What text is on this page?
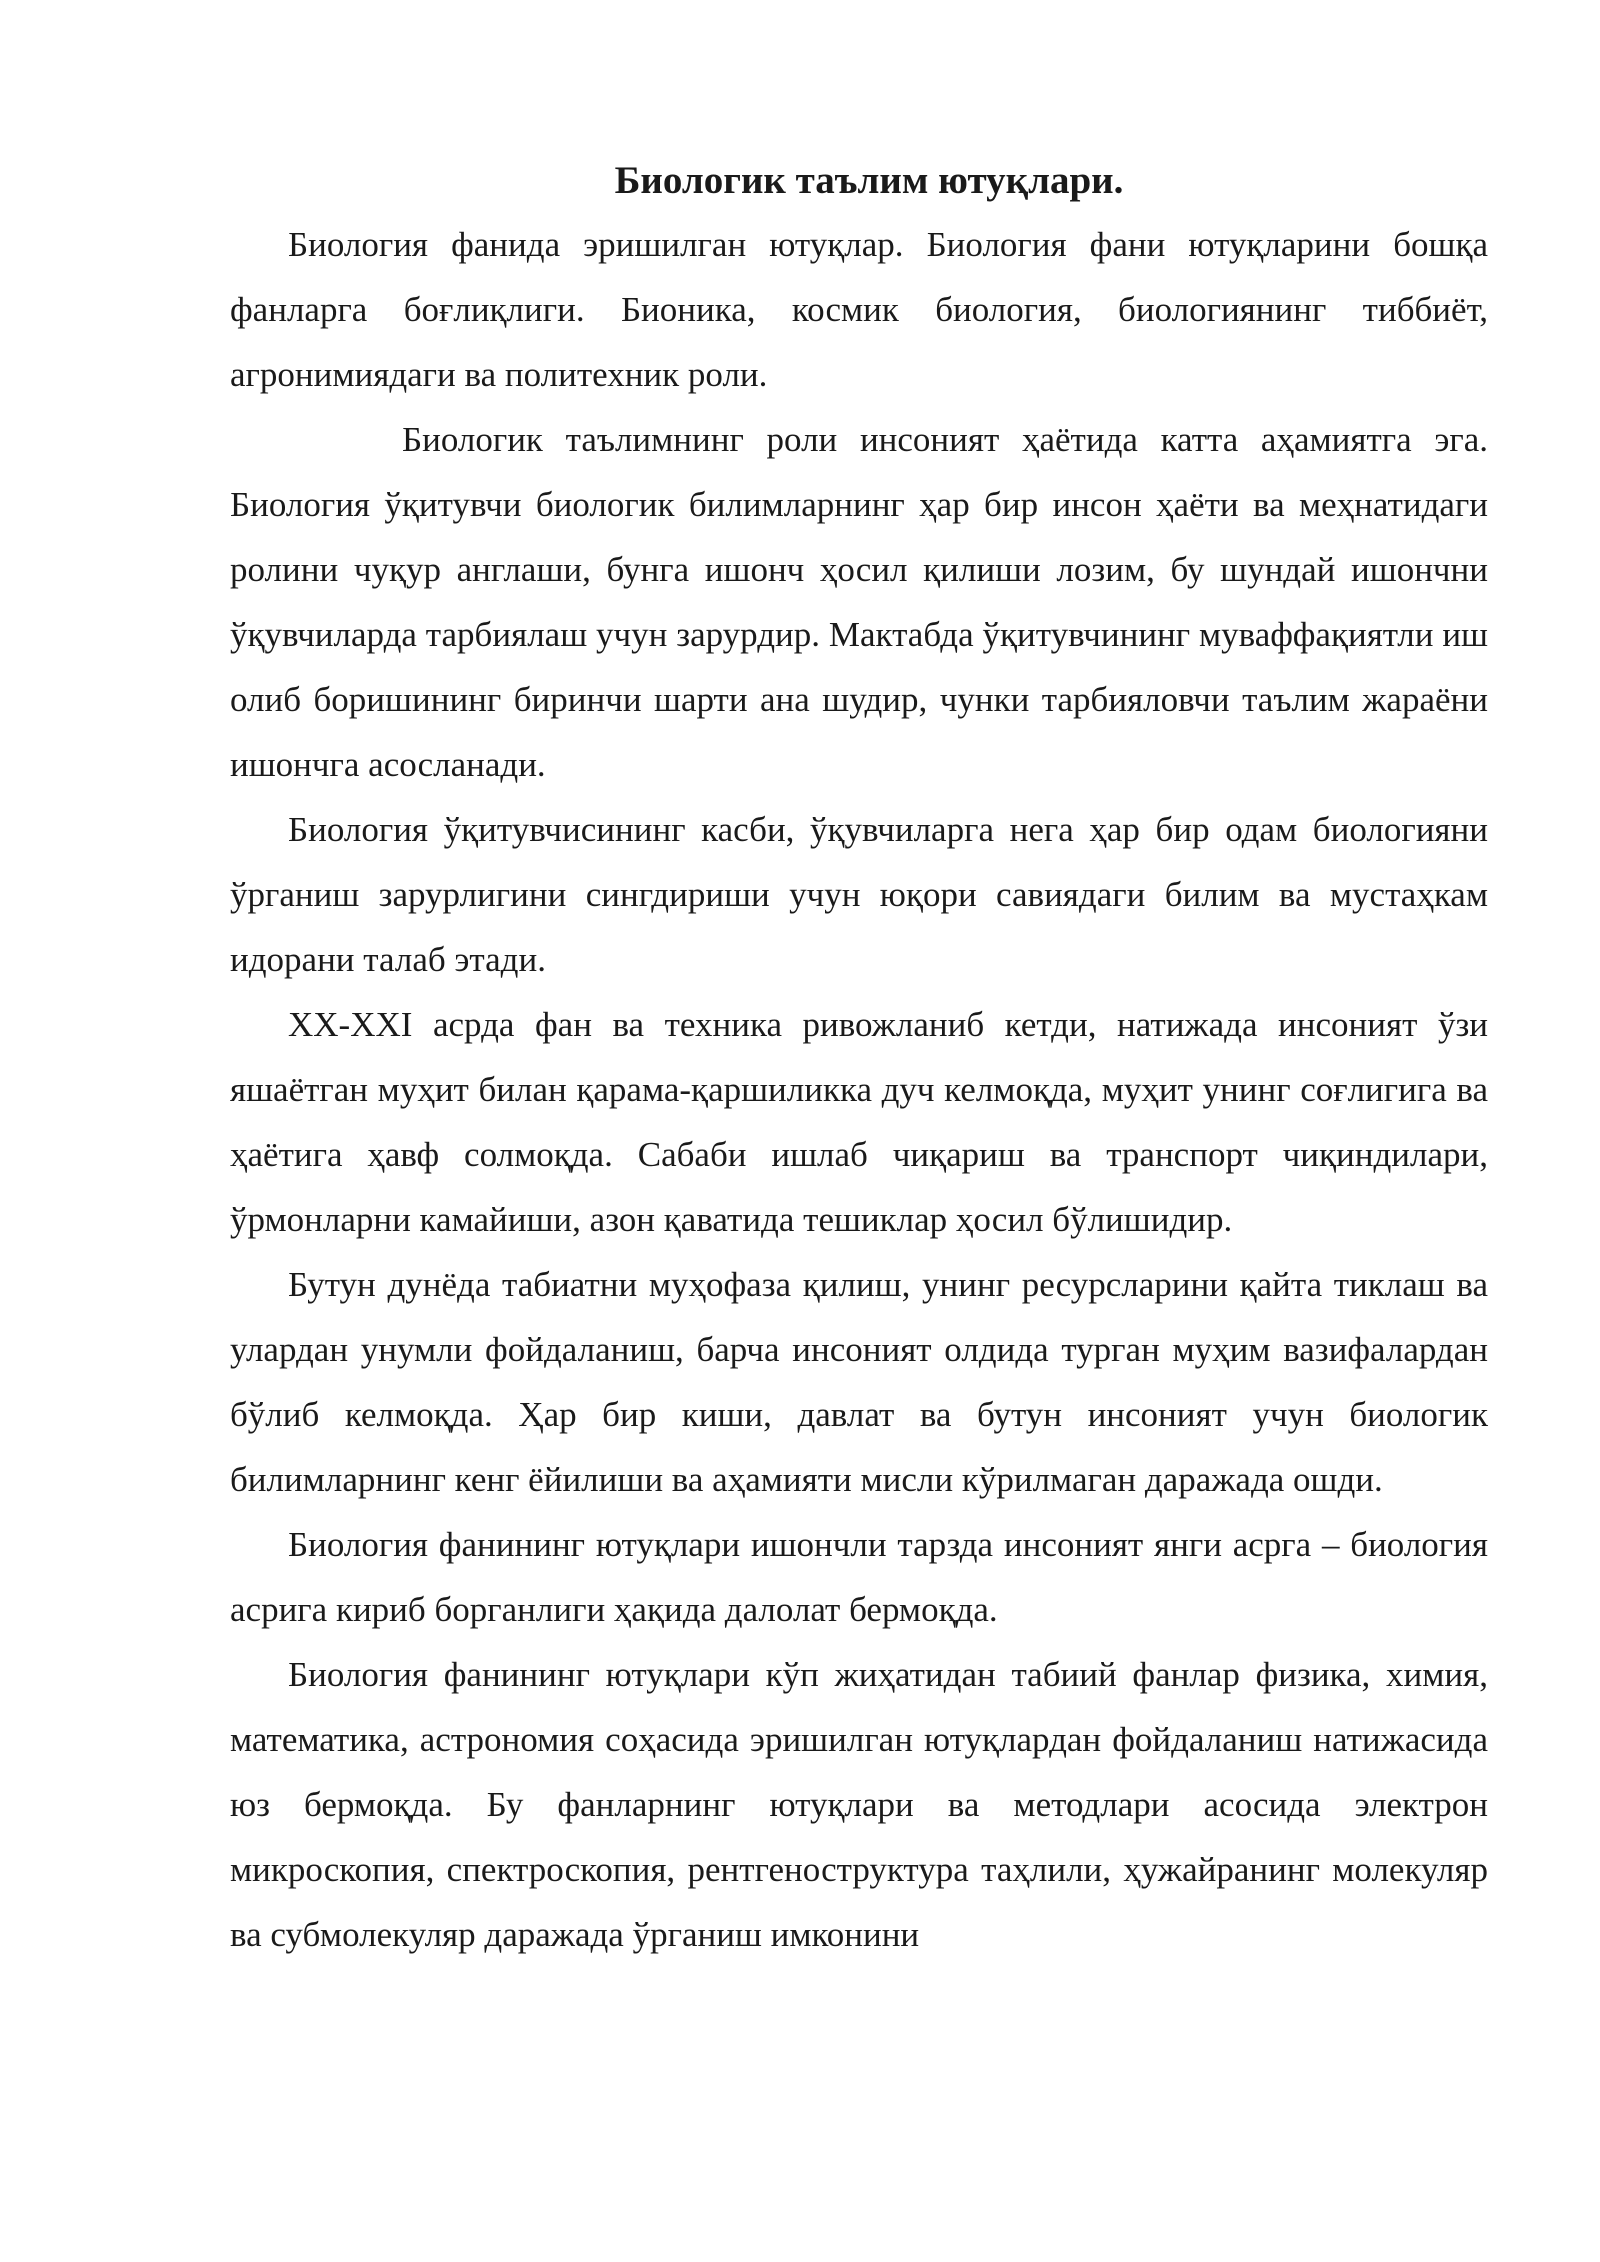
Биологик таълим ютуқлари.

Биология фанида эришилган ютуқлар. Биология фани ютуқларини бошқа фанларга боғлиқлиги. Бионика, космик биология, биологиянинг тиббиёт, агронимиядаги ва политехник роли.

Биологик таълимнинг роли инсоният ҳаётида катта аҳамиятга эга. Биология ўқитувчи биологик билимларнинг ҳар бир инсон ҳаёти ва меҳнатидаги ролини чуқур англаши, бунга ишонч ҳосил қилиши лозим, бу шундай ишончни ўқувчиларда тарбиялаш учун зарурдир. Мактабда ўқитувчининг муваффақиятли иш олиб боришининг биринчи шарти ана шудир, чунки тарбияловчи таълим жараёни ишончга асосланади.

Биология ўқитувчисининг касби, ўқувчиларга нега ҳар бир одам биологияни ўрганиш зарурлигини сингдириши учун юқори савиядаги билим ва мустаҳкам идорани талаб этади.

XX-XXI асрда фан ва техника ривожланиб кетди, натижада инсоният ўзи яшаётган муҳит билан қарама-қаршиликка дуч келмоқда, муҳит унинг соғлигига ва ҳаётига ҳавф солмоқда. Сабаби ишлаб чиқариш ва транспорт чиқиндилари, ўрмонларни камайиши, азон қаватида тешиклар ҳосил бўлишидир.

Бутун дунёда табиатни муҳофаза қилиш, унинг ресурсларини қайта тиклаш ва улардан унумли фойдаланиш, барча инсоният олдида турган муҳим вазифалардан бўлиб келмоқда. Ҳар бир киши, давлат ва бутун инсоният учун биологик билимларнинг кенг ёйилиши ва аҳамияти мисли кўрилмаган даражада ошди.

Биология фанининг ютуқлари ишончли тарзда инсоният янги асрга – биология асрига кириб борганлиги ҳақида далолат бермоқда.

Биология фанининг ютуқлари кўп жиҳатидан табиий фанлар физика, химия, математика, астрономия соҳасида эришилган ютуқлардан фойдаланиш натижасида юз бермоқда. Бу фанларнинг ютуқлари ва методлари асосида электрон микроскопия, спектроскопия, рентгеноструктура таҳлили, ҳужайранинг молекуляр ва субмолекуляр даражада ўрганиш имконини
